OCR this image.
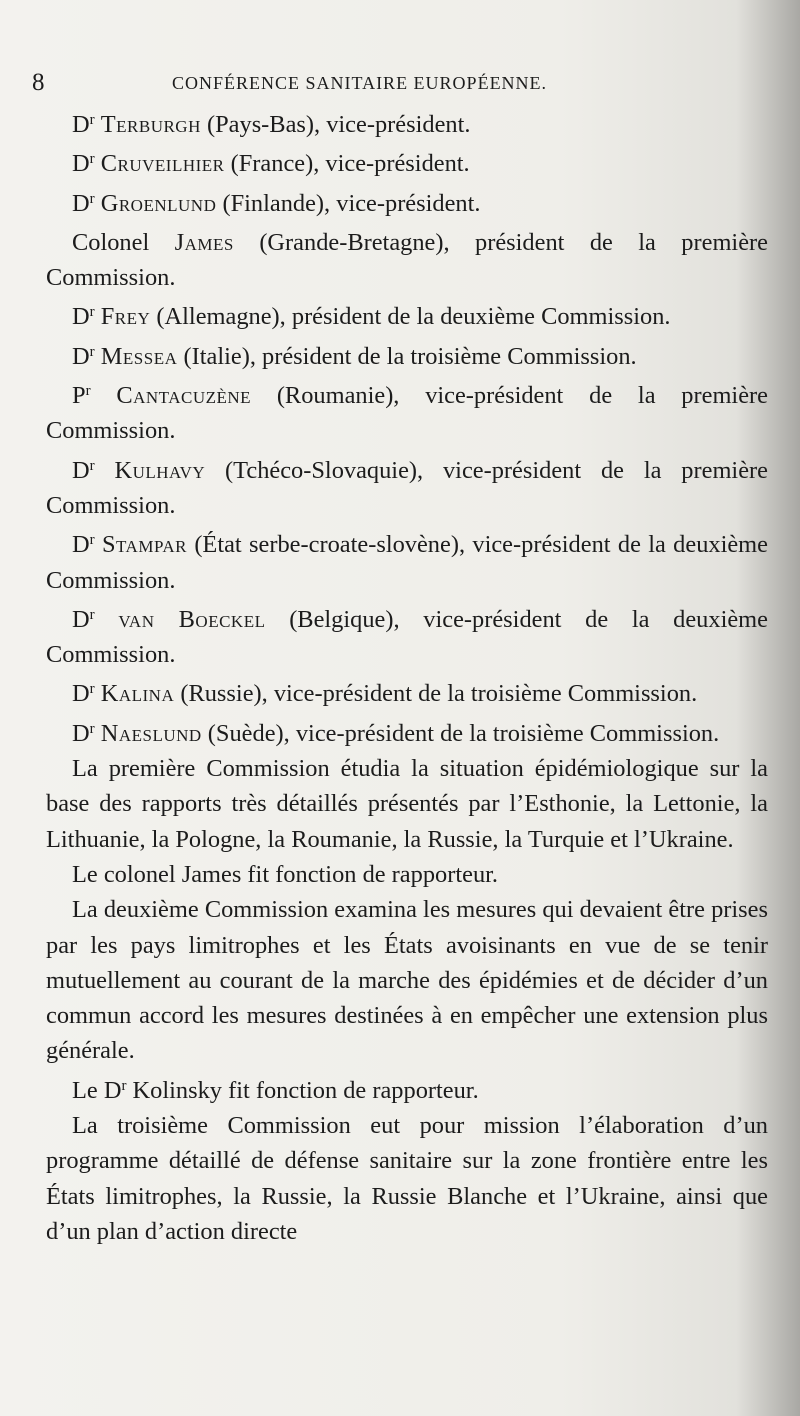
8	CONFÉRENCE SANITAIRE EUROPÉENNE.

$D^r$ Terburgh (Pays-Bas), vice-président.

$D^r$ Cruveilhier (France), vice-président.

$D^r$ Groenlund (Finlande), vice-président.

Colonel James (Grande-Bretagne), président de la première Commission.

$D^r$ Frey (Allemagne), président de la deuxième Commission.

$D^r$ Messea (Italie), président de la troisième Commission.

$P^r$ Cantacuzène (Roumanie), vice-président de la première Commission.

$D^r$ Kulhavy (Tchéco-Slovaquie), vice-président de la première Commission.

$D^r$ Stampar (État serbe-croate-slovène), vice-président de la deuxième Commission.

$D^r$ van Boeckel (Belgique), vice-président de la deuxième Commission.

$D^r$ Kalina (Russie), vice-président de la troisième Commission.

$D^r$ Naeslund (Suède), vice-président de la troisième Commission.

La première Commission étudia la situation épidémiologique sur la base des rapports très détaillés présentés par l’Esthonie, la Lettonie, la Lithuanie, la Pologne, la Roumanie, la Russie, la Turquie et l’Ukraine.

Le colonel James fit fonction de rapporteur.

La deuxième Commission examina les mesures qui devaient être prises par les pays limitrophes et les États avoisinants en vue de se tenir mutuellement au courant de la marche des épidémies et de décider d’un commun accord les mesures destinées à en empêcher une extension plus générale.

Le $D^r$ Kolinsky fit fonction de rapporteur.

La troisième Commission eut pour mission l’élaboration d’un programme détaillé de défense sanitaire sur la zone frontière entre les États limitrophes, la Russie, la Russie Blanche et l’Ukraine, ainsi que d’un plan d’action directe
